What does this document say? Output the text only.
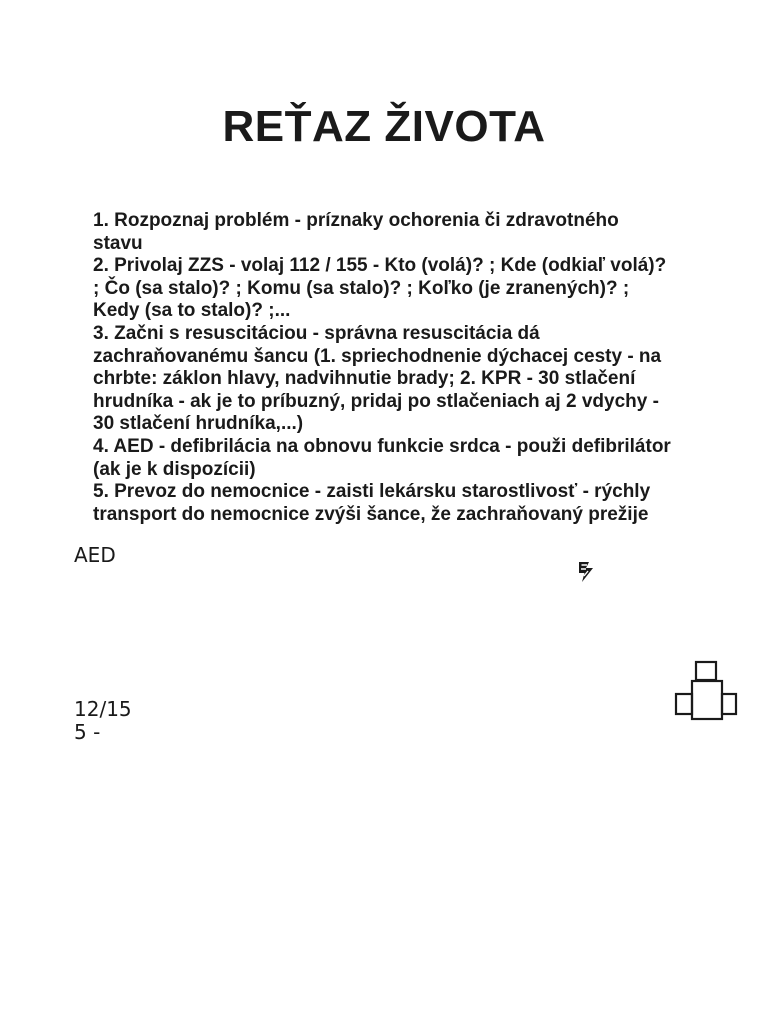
REŤAZ ŽIVOTA
1. Rozpoznaj problém - príznaky ochorenia či zdravotného stavu
2. Privolaj ZZS - volaj 112 / 155 - Kto (volá)? ; Kde (odkiaľ volá)? ; Čo (sa stalo)? ; Komu (sa stalo)? ; Koľko (je zranených)? ; Kedy (sa to stalo)? ;...
3. Začni s resuscitáciou - správna resuscitácia dá zachraňovanému šancu (1. spriechodnenie dýchacej cesty - na chrbte: záklon hlavy, nadvihnutie brady; 2. KPR - 30 stlačení hrudníka - ak je to príbuzný, pridaj po stlačeniach aj 2 vdychy - 30 stlačení hrudníka,...)
4. AED - defibrilácia na obnovu funkcie srdca - použi defibrilátor (ak je k dispozícii)
5. Prevoz do nemocnice - zaisti lekársku starostlivosť - rýchly transport do nemocnice zvýši šance, že zachraňovaný prežije
AED
12/15
5 -
